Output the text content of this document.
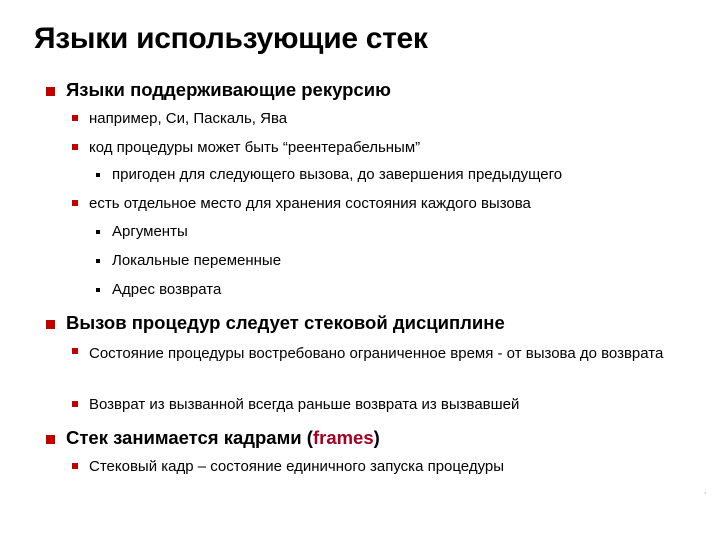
Языки использующие стек
Языки поддерживающие рекурсию
например, Си, Паскаль, Ява
код процедуры может быть “реентерабельным”
пригоден для следующего вызова, до завершения предыдущего
есть отдельное место для хранения состояния каждого вызова
Аргументы
Локальные переменные
Адрес возврата
Вызов процедур следует стековой дисциплине
Состояние процедуры востребовано ограниченное время - от вызова до возврата
Возврат из вызванной всегда раньше возврата из вызвавшей
Стек занимается кадрами (frames)
Стековый кадр – состояние единичного запуска процедуры
‘
